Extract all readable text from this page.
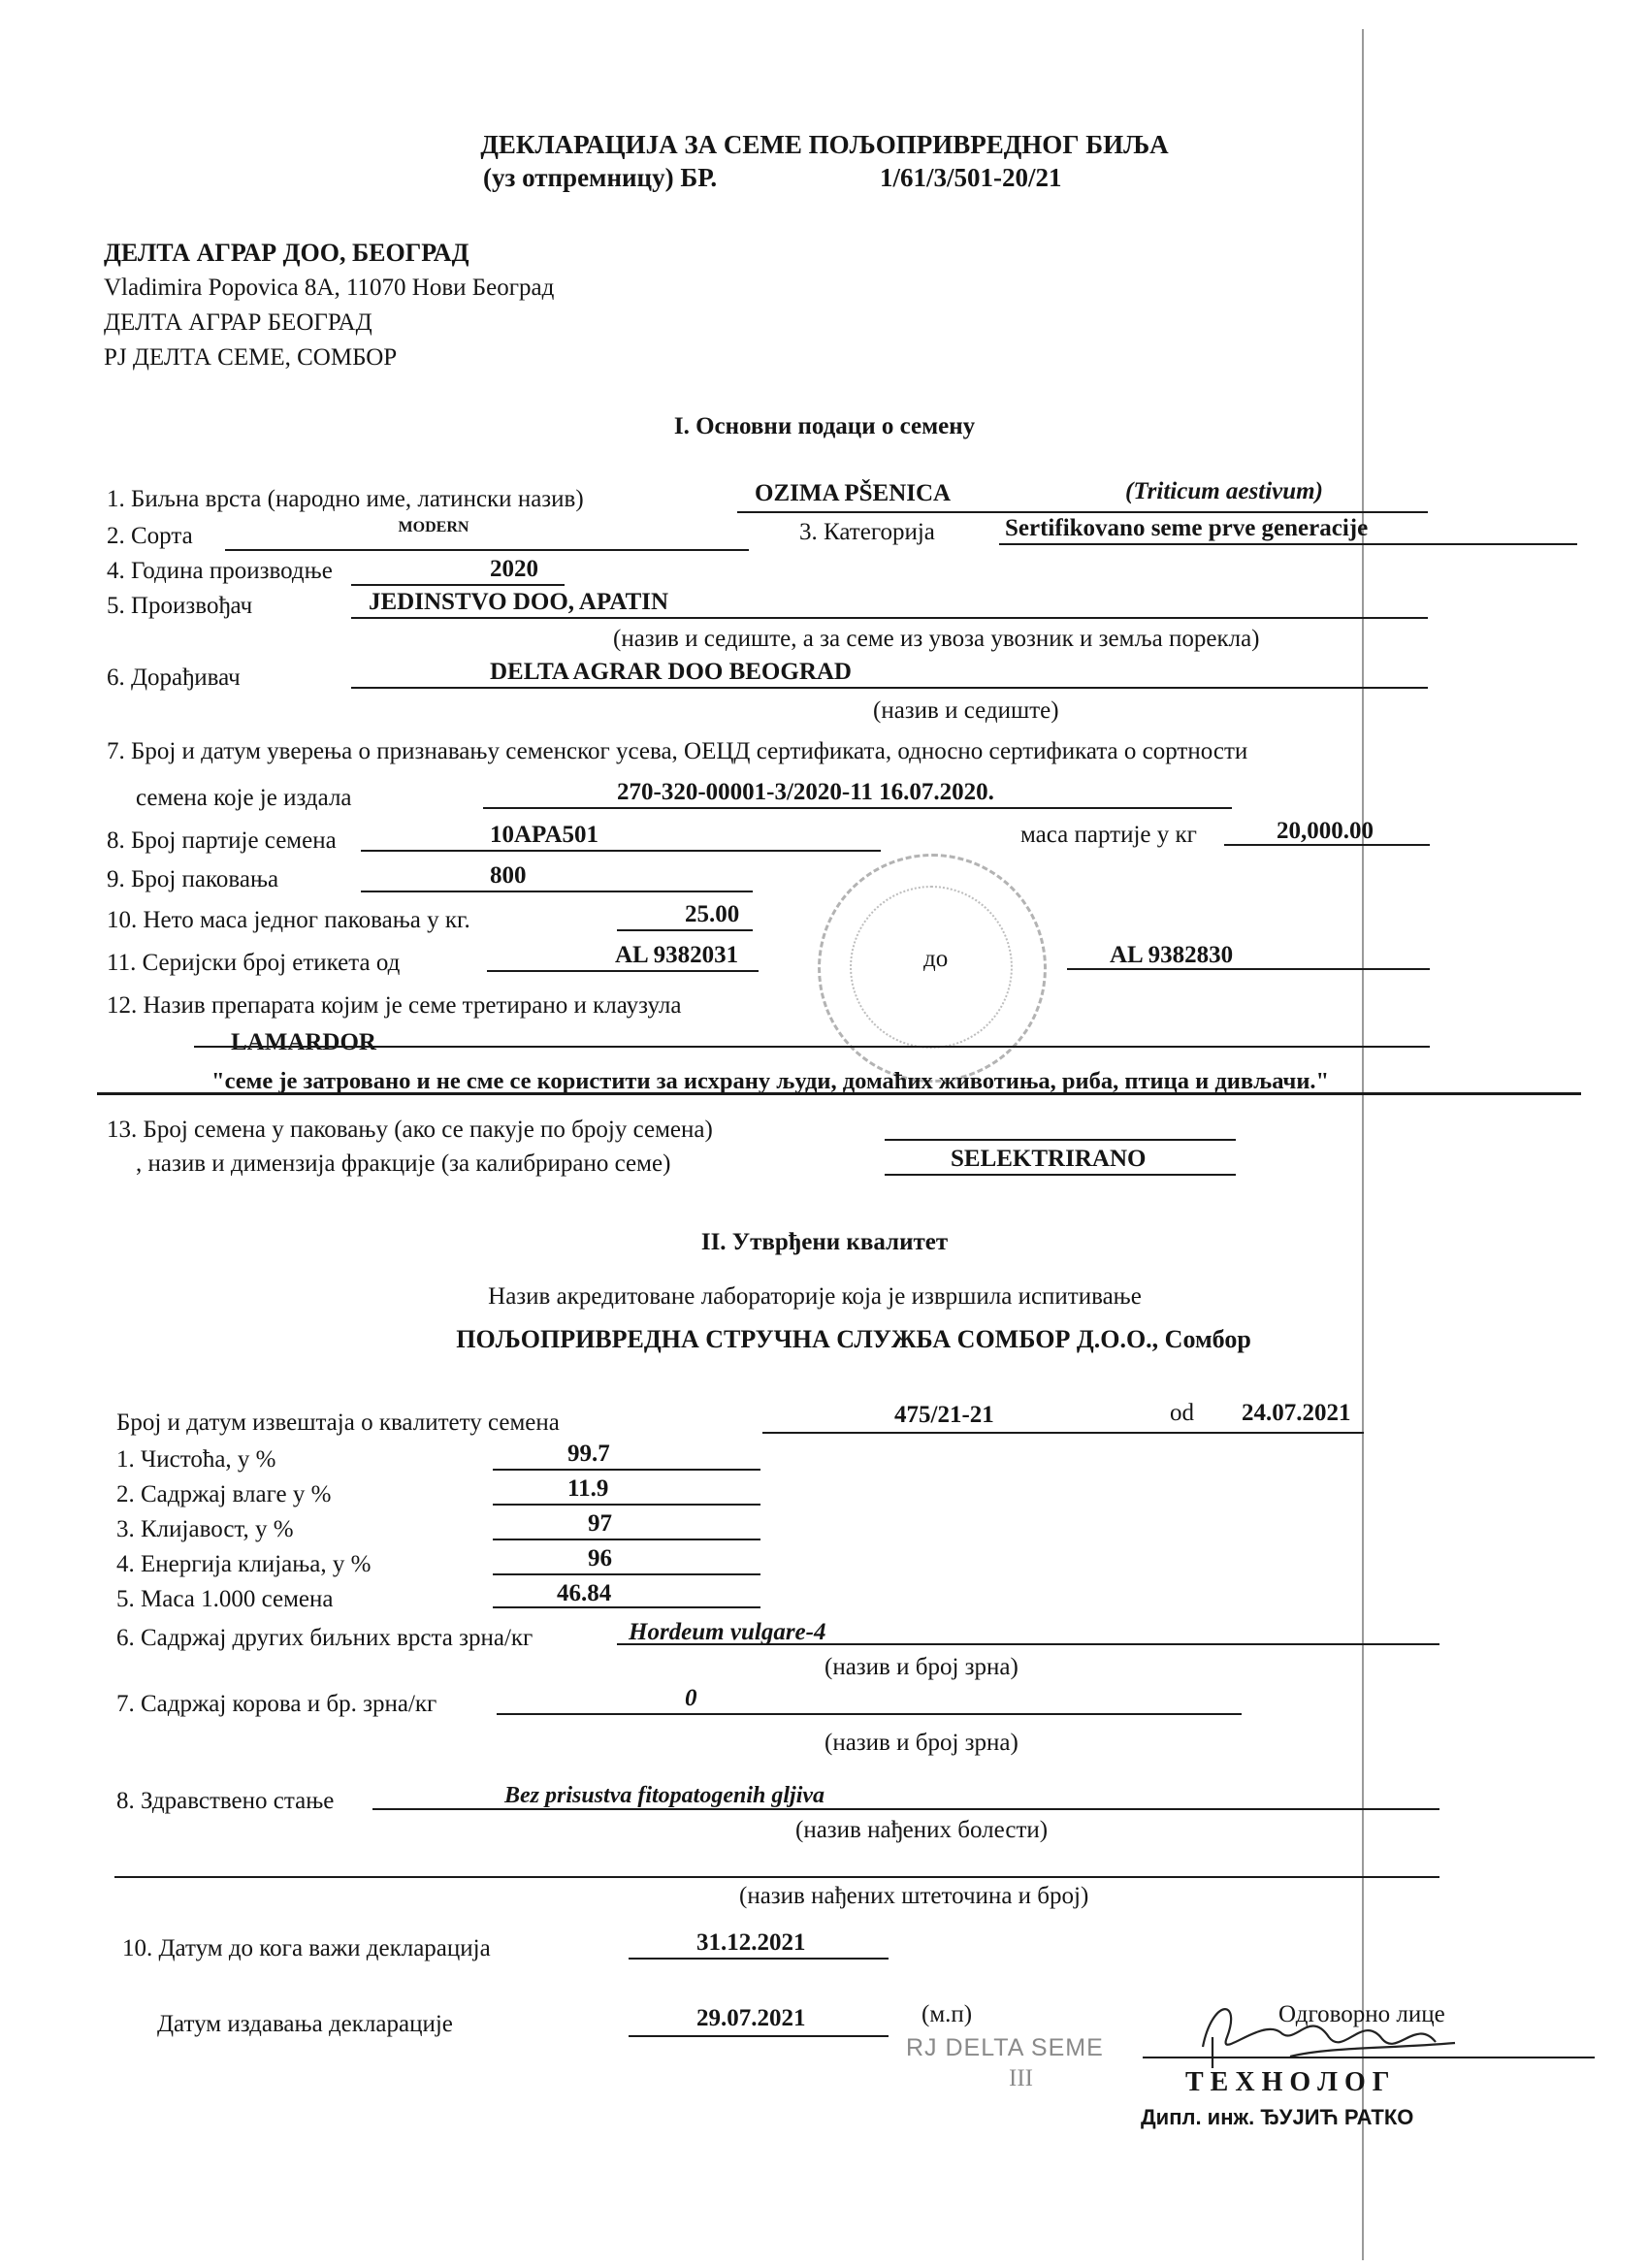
ДЕКЛАРАЦИЈА ЗА СЕМЕ ПОЉОПРИВРЕДНОГ БИЉА
(уз отпремницу) БР.	1/61/3/501-20/21
ДЕЛТА АГРАР ДОО, БЕОГРАД
Vladimira Popovica 8A, 11070 Нови Београд
ДЕЛТА АГРАР БЕОГРАД
РЈ ДЕЛТА СЕМЕ, СОМБОР
I. Основни подаци о семену
1. Биљна врста (народно име, латински назив)	OZIMA PŠENICA	(Triticum aestivum)
2. Сорта	MODERN	3. Категорија	Sertifikovano seme prve generacije
4. Година производње	2020
5. Произвођач	JEDINSTVO DOO, APATIN
(назив и седиште, а за семе из увоза увозник и земља порекла)
6. Дорађивач	DELTA AGRAR DOO BEOGRAD
(назив и седиште)
7. Број и датум уверења о признавању семенског усева, ОЕЦД сертификата, односно сертификата о сортности
семена које је издала	270-320-00001-3/2020-11 16.07.2020.
8. Број партије семена	10APA501	маса партије у кг	20,000.00
9. Број паковања	800
10. Нето маса једног паковања у кг.	25.00
11. Серијски број етикета од	AL 9382031	до	AL 9382830
12. Назив препарата којим је семе третирано и клаузула
LAMARDOR
"семе је затровано и не сме се користити за исхрану људи, домаћих животиња, риба, птица и дивљачи."
13. Број семена у паковању (ако се пакује по броју семена)
, назив и димензија фракције (за калибрирано семе)	SELEKTRIRANO
II. Утврђени квалитет
Назив акредитоване лабораторије која је извршила испитивање
ПОЉОПРИВРЕДНА СТРУЧНА СЛУЖБА СОМБОР Д.О.О., Сомбор
Број и датум извештаја о квалитету семена	475/21-21	od 24.07.2021
1. Чистоћа, у %	99.7
2. Садржај влаге у %	11.9
3. Клијавост, у %	97
4. Енергија клијања, у %	96
5. Маса 1.000 семена	46.84
6. Садржај других биљних врста зрна/кг	Hordeum vulgare-4
(назив и број зрна)
7. Садржај корова и бр. зрна/кг	0
(назив и број зрна)
8. Здравствено стање	Bez prisustva fitopatogenih gljiva
(назив нађених болести)
(назив нађених штеточина и број)
10. Датум до кога важи декларација	31.12.2021
Датум издавања декларације	29.07.2021	(м.п)
RJ DELTA SEME
III
Одговорно лице
Т Е Х Н О Л О Г
Дипл. инж. ЂУЈИЋ РАТКО
